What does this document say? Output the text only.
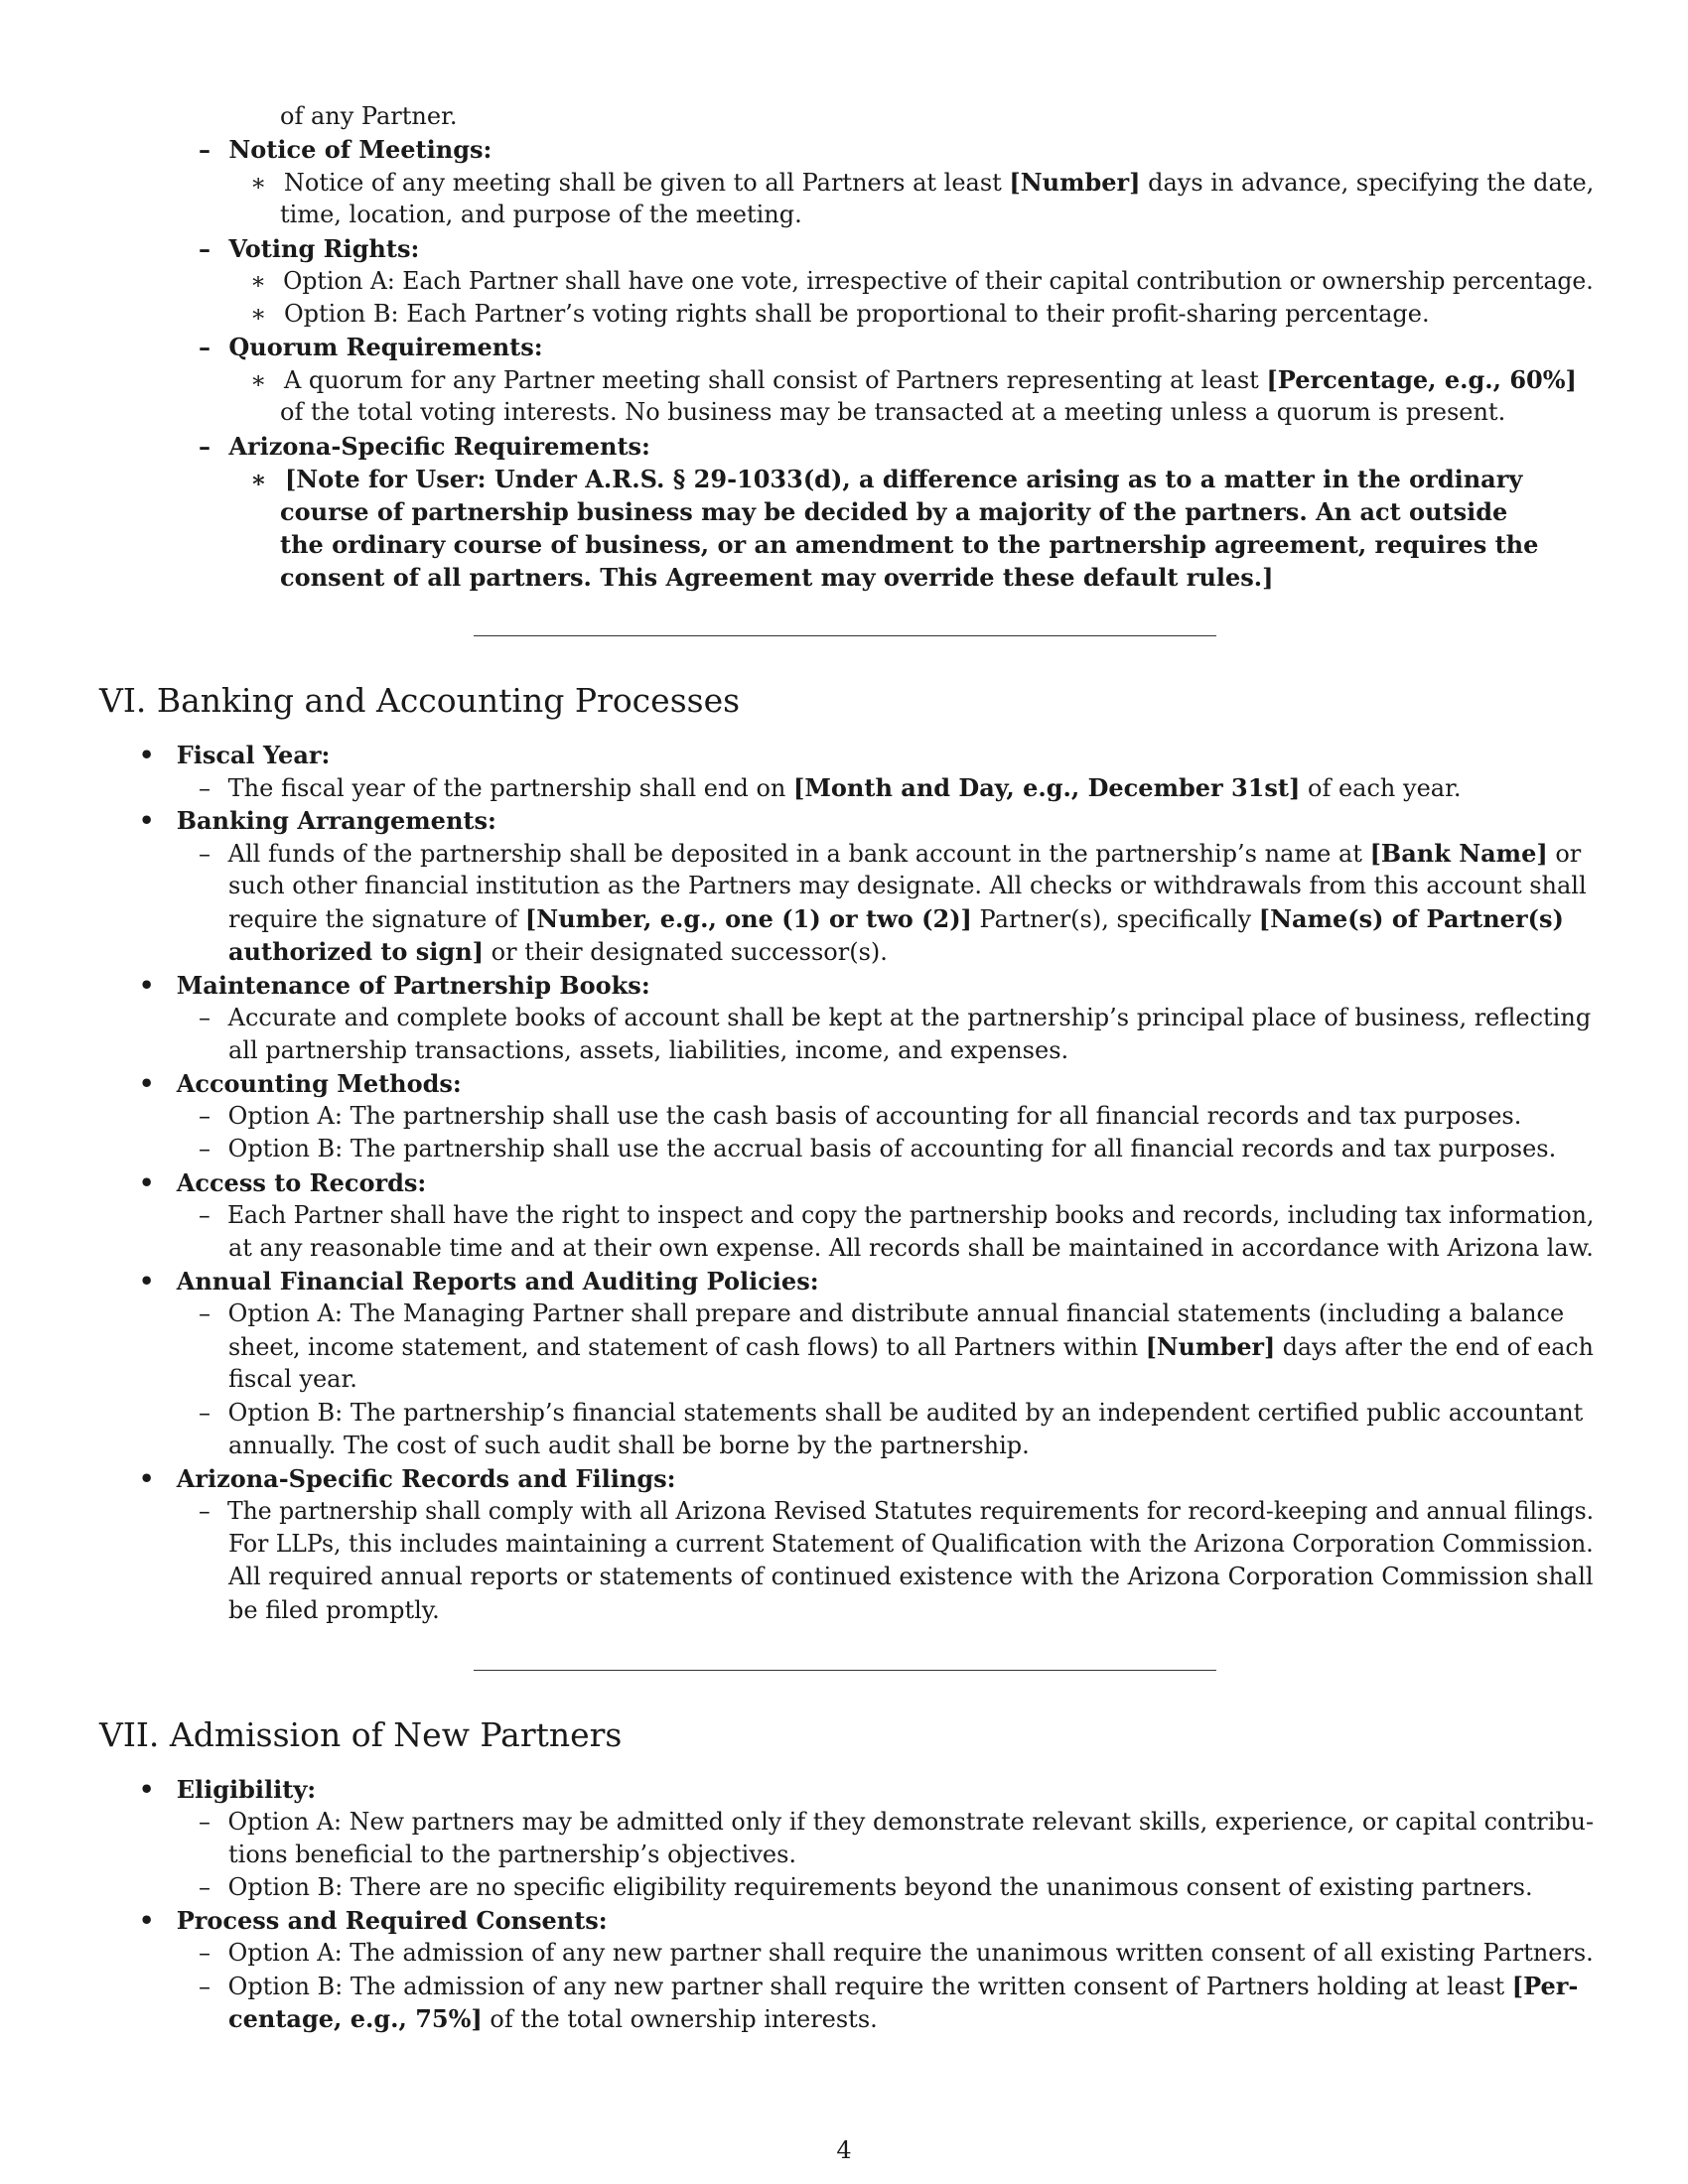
of any Partner.
– Notice of Meetings:
∗ Notice of any meeting shall be given to all Partners at least [Number] days in advance, specifying the date,
time, location, and purpose of the meeting.
– Voting Rights:
∗ Option A: Each Partner shall have one vote, irrespective of their capital contribution or ownership percentage.
∗ Option B: Each Partner’s voting rights shall be proportional to their profit-sharing percentage.
– Quorum Requirements:
∗ A quorum for any Partner meeting shall consist of Partners representing at least [Percentage, e.g., 60%]
of the total voting interests. No business may be transacted at a meeting unless a quorum is present.
– Arizona-Specific Requirements:
∗ [Note for User: Under A.R.S. § 29-1033(d), a difference arising as to a matter in the ordinary
course of partnership business may be decided by a majority of the partners. An act outside
the ordinary course of business, or an amendment to the partnership agreement, requires the
consent of all partners. This Agreement may override these default rules.]
VI. Banking and Accounting Processes
• Fiscal Year:
– The fiscal year of the partnership shall end on [Month and Day, e.g., December 31st] of each year.
• Banking Arrangements:
– All funds of the partnership shall be deposited in a bank account in the partnership’s name at [Bank Name] or
such other financial institution as the Partners may designate. All checks or withdrawals from this account shall
require the signature of [Number, e.g., one (1) or two (2)] Partner(s), specifically [Name(s) of Partner(s)
authorized to sign] or their designated successor(s).
• Maintenance of Partnership Books:
– Accurate and complete books of account shall be kept at the partnership’s principal place of business, reflecting
all partnership transactions, assets, liabilities, income, and expenses.
• Accounting Methods:
– Option A: The partnership shall use the cash basis of accounting for all financial records and tax purposes.
– Option B: The partnership shall use the accrual basis of accounting for all financial records and tax purposes.
• Access to Records:
– Each Partner shall have the right to inspect and copy the partnership books and records, including tax information,
at any reasonable time and at their own expense. All records shall be maintained in accordance with Arizona law.
• Annual Financial Reports and Auditing Policies:
– Option A: The Managing Partner shall prepare and distribute annual financial statements (including a balance
sheet, income statement, and statement of cash flows) to all Partners within [Number] days after the end of each
fiscal year.
– Option B: The partnership’s financial statements shall be audited by an independent certified public accountant
annually. The cost of such audit shall be borne by the partnership.
• Arizona-Specific Records and Filings:
– The partnership shall comply with all Arizona Revised Statutes requirements for record-keeping and annual filings.
For LLPs, this includes maintaining a current Statement of Qualification with the Arizona Corporation Commission.
All required annual reports or statements of continued existence with the Arizona Corporation Commission shall
be filed promptly.
VII. Admission of New Partners
• Eligibility:
– Option A: New partners may be admitted only if they demonstrate relevant skills, experience, or capital contribu-
tions beneficial to the partnership’s objectives.
– Option B: There are no specific eligibility requirements beyond the unanimous consent of existing partners.
• Process and Required Consents:
– Option A: The admission of any new partner shall require the unanimous written consent of all existing Partners.
– Option B: The admission of any new partner shall require the written consent of Partners holding at least [Per-
centage, e.g., 75%] of the total ownership interests.
4
